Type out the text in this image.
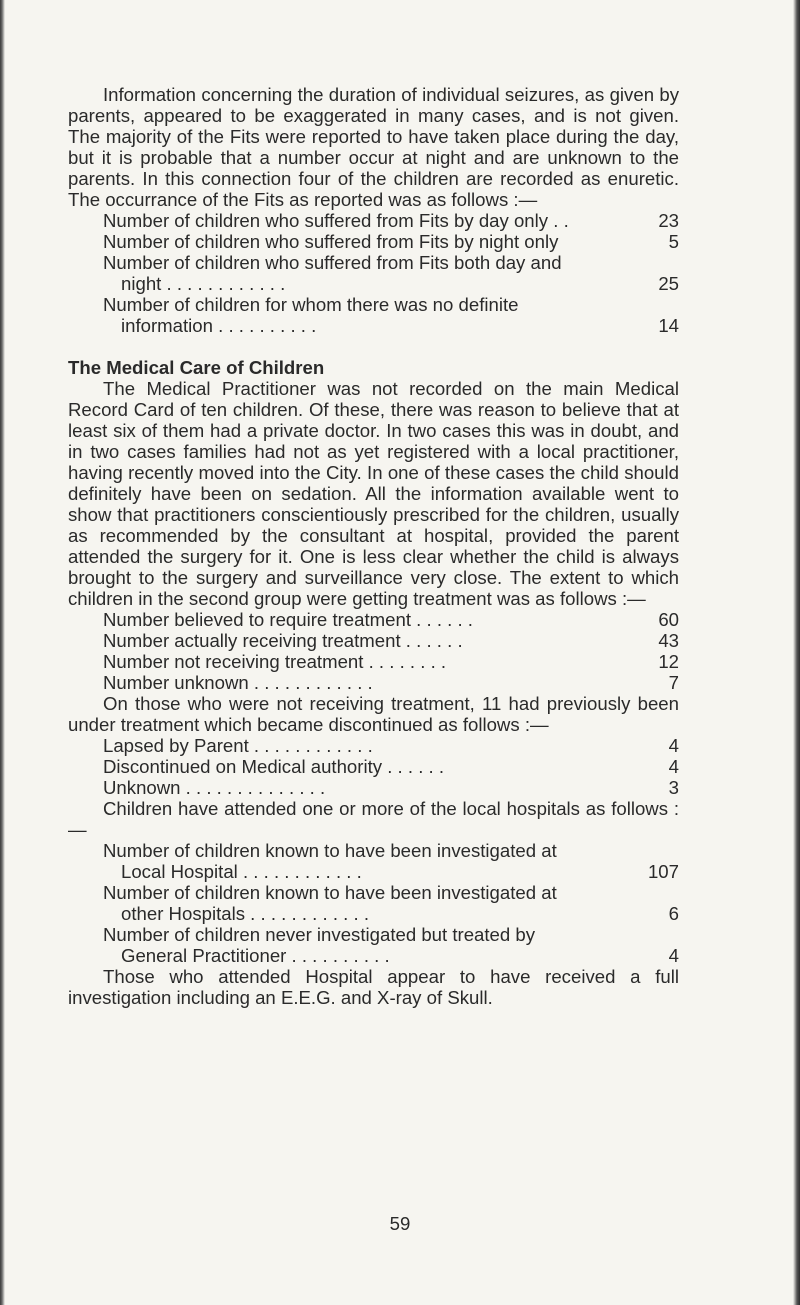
Information concerning the duration of individual seizures, as given by parents, appeared to be exaggerated in many cases, and is not given. The majority of the Fits were reported to have taken place during the day, but it is probable that a number occur at night and are unknown to the parents. In this connection four of the children are recorded as enuretic. The occurrance of the Fits as reported was as follows :—

Number of children who suffered from Fits by day only . .	23
Number of children who suffered from Fits by night only	5
Number of children who suffered from Fits both day and
night . . . . . . . . . . . .	25
Number of children for whom there was no definite
information . . . . . . . . . .	14
The Medical Care of Children

The Medical Practitioner was not recorded on the main Medical Record Card of ten children. Of these, there was reason to believe that at least six of them had a private doctor. In two cases this was in doubt, and in two cases families had not as yet registered with a local practitioner, having recently moved into the City. In one of these cases the child should definitely have been on sedation. All the information available went to show that practitioners conscientiously prescribed for the children, usually as recommended by the consultant at hospital, provided the parent attended the surgery for it. One is less clear whether the child is always brought to the surgery and surveillance very close. The extent to which children in the second group were getting treatment was as follows :—

Number believed to require treatment . . . . . .	60
Number actually receiving treatment . . . . . .	43
Number not receiving treatment . . . . . . . .	12
Number unknown . . . . . . . . . . . .	7

On those who were not receiving treatment, 11 had previously been under treatment which became discontinued as follows :—

Lapsed by Parent . . . . . . . . . . . .	4
Discontinued on Medical authority . . . . . .	4
Unknown . . . . . . . . . . . . . .	3

Children have attended one or more of the local hospitals as follows :—

Number of children known to have been investigated at
Local Hospital . . . . . . . . . . . .	107
Number of children known to have been investigated at
other Hospitals . . . . . . . . . . . .	6
Number of children never investigated but treated by
General Practitioner . . . . . . . . . .	4

Those who attended Hospital appear to have received a full investigation including an E.E.G. and X-ray of Skull.

59
